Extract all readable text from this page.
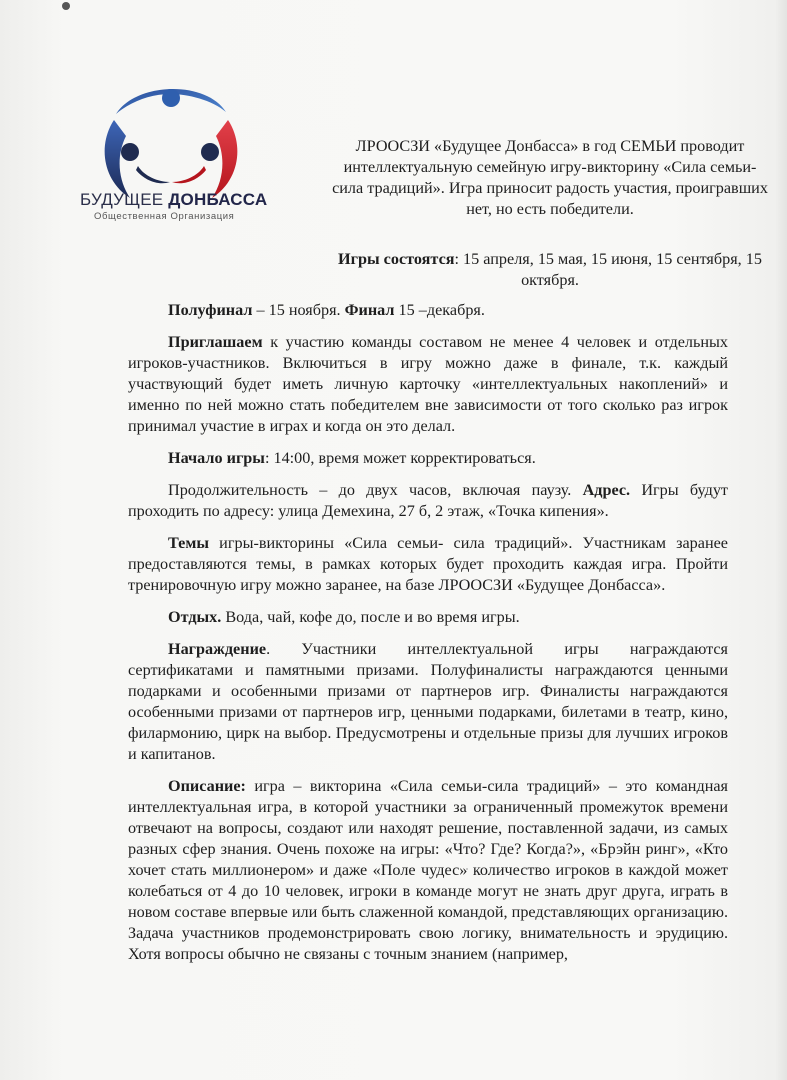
БУДУЩЕЕ ДОНБАССА
Общественная Организация
ЛРООСЗИ «Будущее Донбасса» в год СЕМЬИ проводит интеллектуальную семейную игру-викторину «Сила семьи- сила традиций». Игра приносит радость участия, проигравших нет, но есть победители.
Игры состоятся: 15 апреля, 15 мая, 15 июня, 15 сентября, 15 октября.

Полуфинал – 15 ноября. Финал 15 –декабря.

Приглашаем к участию команды составом не менее 4 человек и отдельных игроков-участников. Включиться в игру можно даже в финале, т.к. каждый участвующий будет иметь личную карточку «интеллектуальных накоплений» и именно по ней можно стать победителем вне зависимости от того сколько раз игрок принимал участие в играх и когда он это делал.

Начало игры: 14:00, время может корректироваться.

Продолжительность – до двух часов, включая паузу. Адрес. Игры будут проходить по адресу: улица Демехина, 27 б, 2 этаж, «Точка кипения».

Темы игры-викторины «Сила семьи- сила традиций». Участникам заранее предоставляются темы, в рамках которых будет проходить каждая игра. Пройти тренировочную игру можно заранее, на базе ЛРООСЗИ «Будущее Донбасса».

Отдых. Вода, чай, кофе до, после и во время игры.

Награждение. Участники интеллектуальной игры награждаются сертификатами и памятными призами. Полуфиналисты награждаются ценными подарками и особенными призами от партнеров игр. Финалисты награждаются особенными призами от партнеров игр, ценными подарками, билетами в театр, кино, филармонию, цирк на выбор. Предусмотрены и отдельные призы для лучших игроков и капитанов.

Описание: игра – викторина «Сила семьи-сила традиций» – это командная интеллектуальная игра, в которой участники за ограниченный промежуток времени отвечают на вопросы, создают или находят решение, поставленной задачи, из самых разных сфер знания. Очень похоже на игры: «Что? Где? Когда?», «Брэйн ринг», «Кто хочет стать миллионером» и даже «Поле чудес» количество игроков в каждой может колебаться от 4 до 10 человек, игроки в команде могут не знать друг друга, играть в новом составе впервые или быть слаженной командой, представляющих организацию. Задача участников продемонстрировать свою логику, внимательность и эрудицию. Хотя вопросы обычно не связаны с точным знанием (например,
